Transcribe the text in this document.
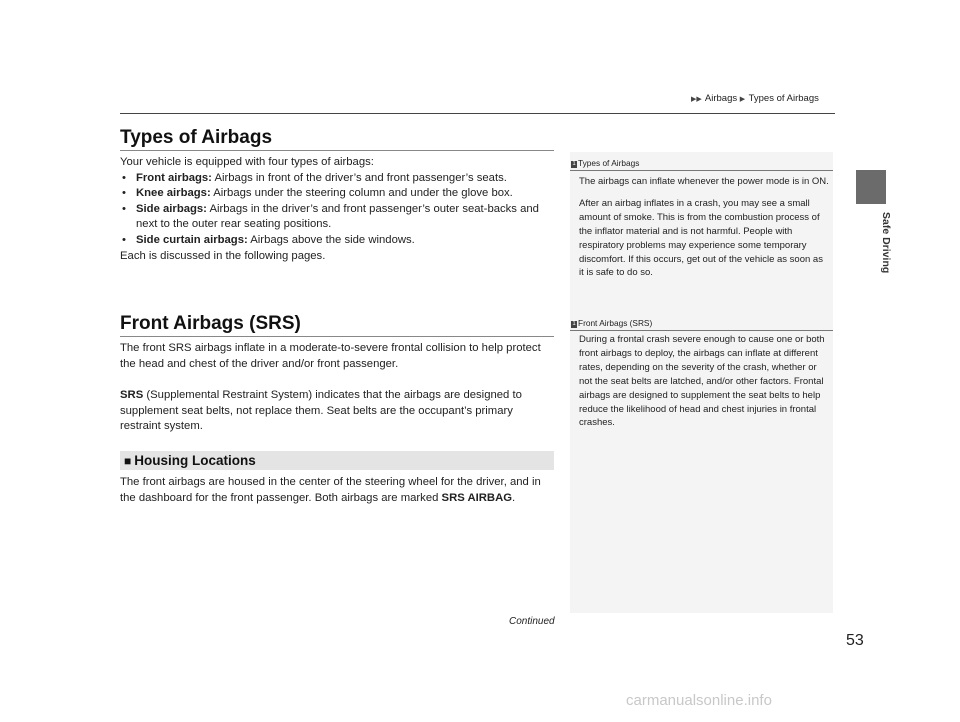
▶▶ Airbags ▶ Types of Airbags
Safe Driving
Types of Airbags

Your vehicle is equipped with four types of airbags:

• Front airbags: Airbags in front of the driver’s and front passenger’s seats.
• Knee airbags: Airbags under the steering column and under the glove box.
• Side airbags: Airbags in the driver’s and front passenger’s outer seat-backs and next to the outer rear seating positions.
• Side curtain airbags: Airbags above the side windows.

Each is discussed in the following pages.

Front Airbags (SRS)
The front SRS airbags inflate in a moderate-to-severe frontal collision to help protect the head and chest of the driver and/or front passenger.
SRS (Supplemental Restraint System) indicates that the airbags are designed to supplement seat belts, not replace them. Seat belts are the occupant’s primary restraint system.
■ Housing Locations
The front airbags are housed in the center of the steering wheel for the driver, and in the dashboard for the front passenger. Both airbags are marked SRS AIRBAG.
1 Types of Airbags

The airbags can inflate whenever the power mode is in ON.

After an airbag inflates in a crash, you may see a small amount of smoke. This is from the combustion process of the inflator material and is not harmful. People with respiratory problems may experience some temporary discomfort. If this occurs, get out of the vehicle as soon as it is safe to do so.

1 Front Airbags (SRS)

During a frontal crash severe enough to cause one or both front airbags to deploy, the airbags can inflate at different rates, depending on the severity of the crash, whether or not the seat belts are latched, and/or other factors. Frontal airbags are designed to supplement the seat belts to help reduce the likelihood of head and chest injuries in frontal crashes.

Continued
53
carmanualsonline.info
